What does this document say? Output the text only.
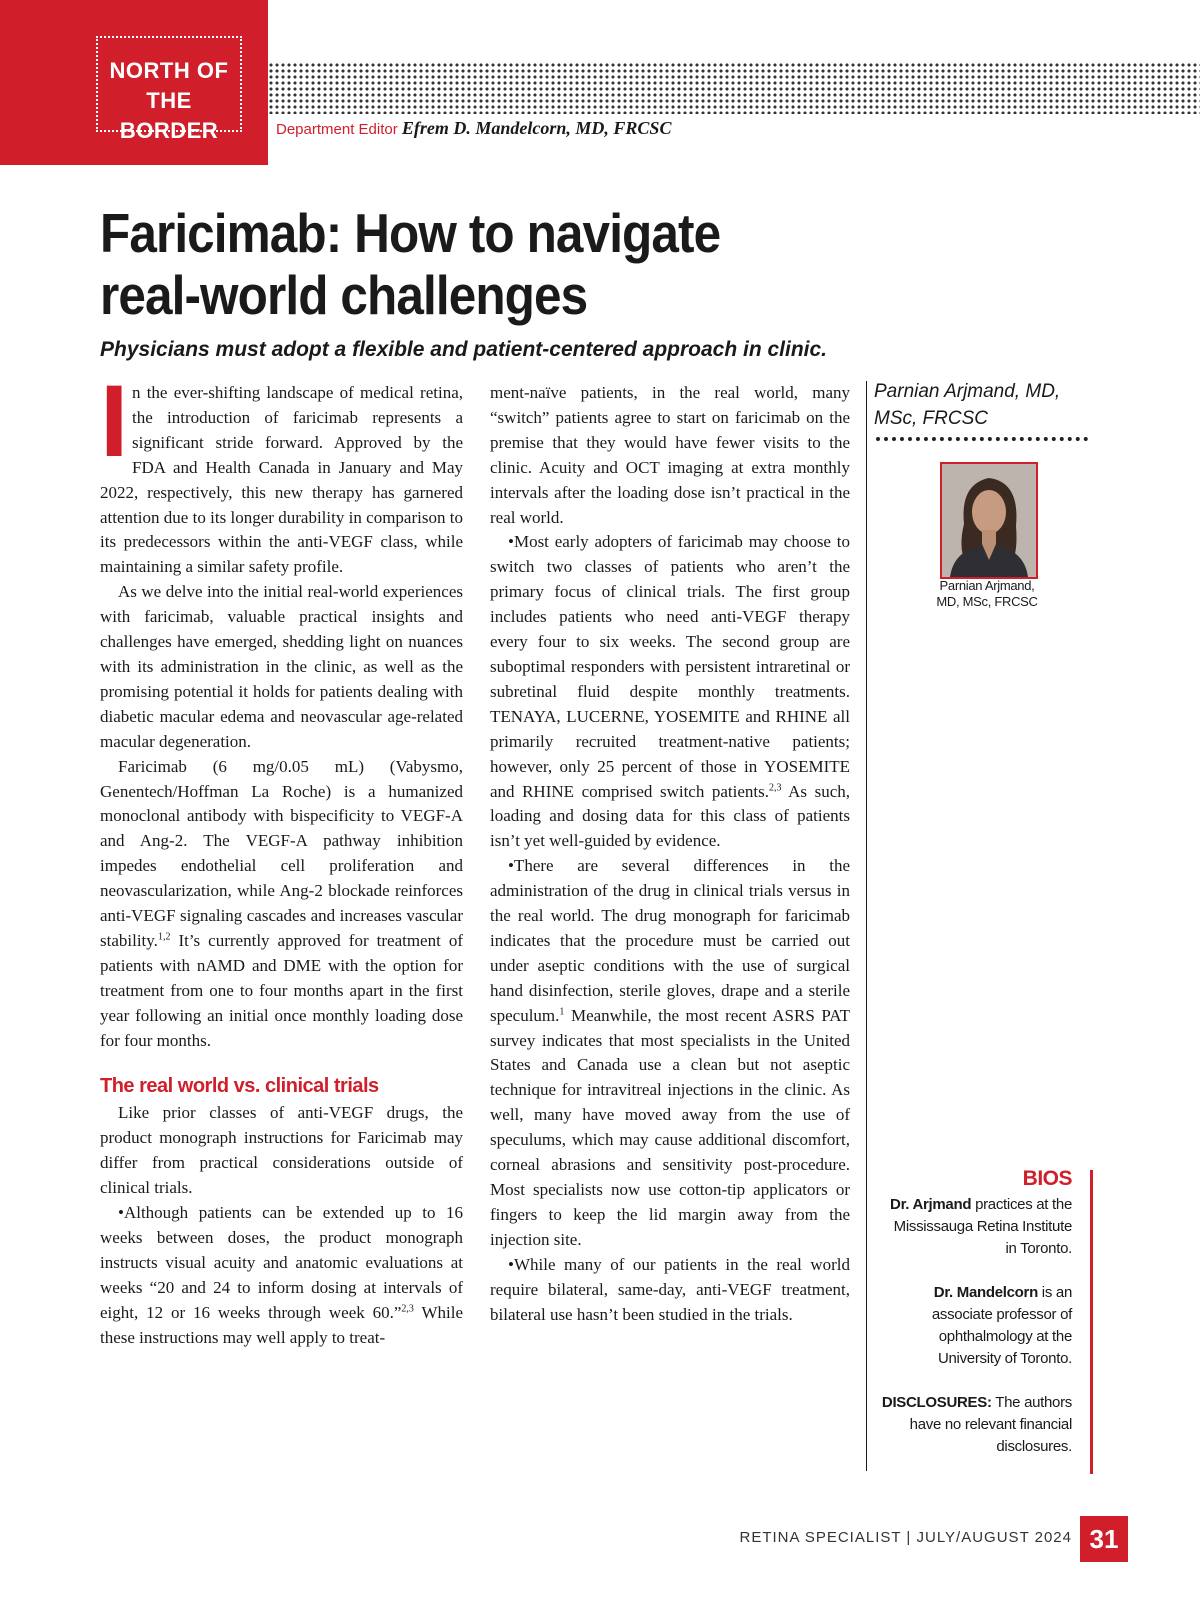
NORTH OF
THE BORDER	Department Editor Efrem D. Mandelcorn, MD, FRCSC
Faricimab: How to navigate
real-world challenges

Physicians must adopt a flexible and patient-centered approach in clinic.

I n the ever-shifting landscape of medical retina, the introduction of faricimab represents a significant stride forward. Approved by the FDA and Health Canada in January and May 2022, respectively, this new therapy has garnered attention due to its longer durability in comparison to its predecessors within the anti-VEGF class, while maintaining a similar safety profile.

As we delve into the initial real-world experiences with faricimab, valuable practical insights and challenges have emerged, shedding light on nuances with its administration in the clinic, as well as the promising potential it holds for patients dealing with diabetic macular edema and neovascular age-related macular degeneration.

Faricimab (6 mg/0.05 mL) (Vabysmo, Genentech/Hoffman La Roche) is a humanized monoclonal antibody with bispecificity to VEGF-A and Ang-2. The VEGF-A pathway inhibition impedes endothelial cell proliferation and neovascularization, while Ang-2 blockade reinforces anti-VEGF signaling cascades and increases vascular stability.$^{1,2}$ It’s currently approved for treatment of patients with nAMD and DME with the option for treatment from one to four months apart in the first year following an initial once monthly loading dose for four months.

The real world vs. clinical trials

Like prior classes of anti-VEGF drugs, the product monograph instructions for Faricimab may differ from practical considerations outside of clinical trials.

•Although patients can be extended up to 16 weeks between doses, the product monograph instructs visual acuity and anatomic evaluations at weeks “20 and 24 to inform dosing at intervals of eight, 12 or 16 weeks through week 60.”$^{2,3}$ While these instructions may well apply to treat-

ment-naïve patients, in the real world, many “switch” patients agree to start on faricimab on the premise that they would have fewer visits to the clinic. Acuity and OCT imaging at extra monthly intervals after the loading dose isn’t practical in the real world.

•Most early adopters of faricimab may choose to switch two classes of patients who aren’t the primary focus of clinical trials. The first group includes patients who need anti-VEGF therapy every four to six weeks. The second group are suboptimal responders with persistent intraretinal or subretinal fluid despite monthly treatments. TENAYA, LUCERNE, YOSEMITE and RHINE all primarily recruited treatment-native patients; however, only 25 percent of those in YOSEMITE and RHINE comprised switch patients.$^{2,3}$ As such, loading and dosing data for this class of patients isn’t yet well-guided by evidence.

•There are several differences in the administration of the drug in clinical trials versus in the real world. The drug monograph for faricimab indicates that the procedure must be carried out under aseptic conditions with the use of surgical hand disinfection, sterile gloves, drape and a sterile speculum.$^1$ Meanwhile, the most recent ASRS PAT survey indicates that most specialists in the United States and Canada use a clean but not aseptic technique for intravitreal injections in the clinic. As well, many have moved away from the use of speculums, which may cause additional discomfort, corneal abrasions and sensitivity post-procedure. Most specialists now use cotton-tip applicators or fingers to keep the lid margin away from the injection site.

•While many of our patients in the real world require bilateral, same-day, anti-VEGF treatment, bilateral use hasn’t been studied in the trials.

Parnian Arjmand, MD,
MSc, FRCSC

Parnian Arjmand,
MD, MSc, FRCSC

BIOS

Dr. Arjmand practices at the Mississauga Retina Institute in Toronto.

Dr. Mandelcorn is an associate professor of ophthalmology at the University of Toronto.

DISCLOSURES: The authors have no relevant financial disclosures.

RETINA SPECIALIST | JULY/AUGUST 2024 31
